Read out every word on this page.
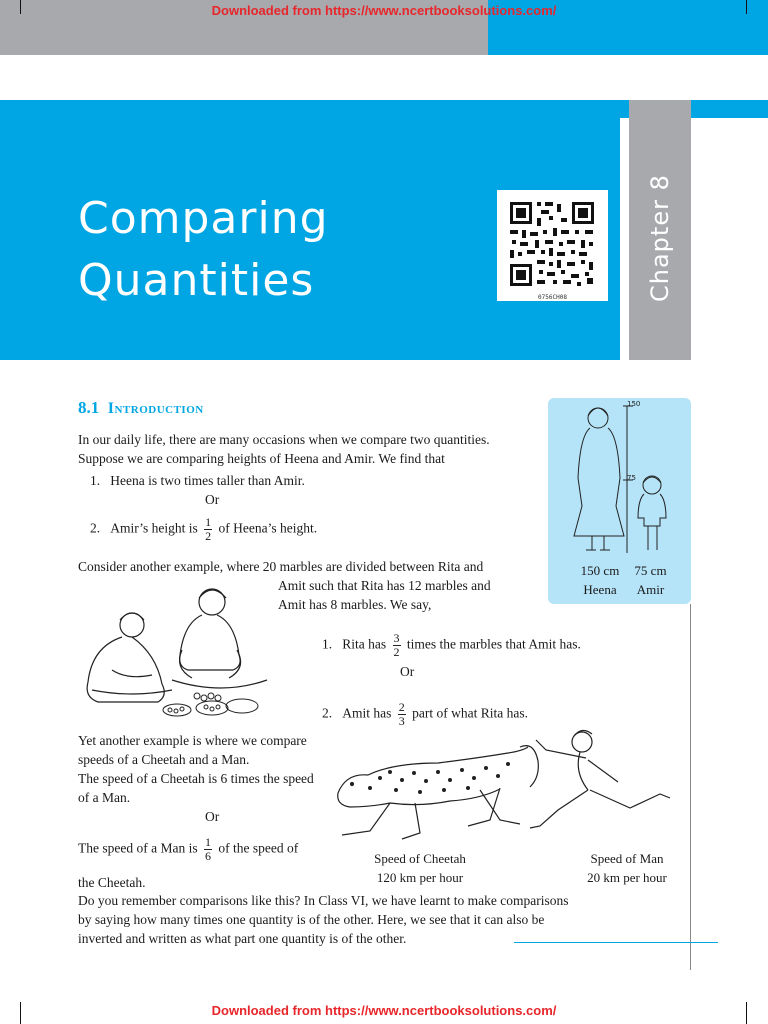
Downloaded from https://www.ncertbooksolutions.com/
Comparing
Quantities	0756CH08	Chapter 8
8.1 Introduction
In our daily life, there are many occasions when we compare two quantities.
Suppose we are comparing heights of Heena and Amir. We find that
1. Heena is two times taller than Amir.
Or
2. Amir’s height is $\frac{1}{2}$ of Heena’s height.
Consider another example, where 20 marbles are divided between Rita and
Amit such that Rita has 12 marbles and
Amit has 8 marbles. We say,
1. Rita has $\frac{3}{2}$ times the marbles that Amit has.
Or
2. Amit has $\frac{2}{3}$ part of what Rita has.
Yet another example is where we compare
speeds of a Cheetah and a Man.
The speed of a Cheetah is 6 times the speed
of a Man.
Or
The speed of a Man is $\frac{1}{6}$ of the speed of
the Cheetah.
Speed of Cheetah
120 km per hour
Speed of Man
20 km per hour
Do you remember comparisons like this? In Class VI, we have learnt to make comparisons
by saying how many times one quantity is of the other. Here, we see that it can also be
inverted and written as what part one quantity is of the other.
150
75
150 cm
Heena
75 cm
Amir
Downloaded from https://www.ncertbooksolutions.com/
